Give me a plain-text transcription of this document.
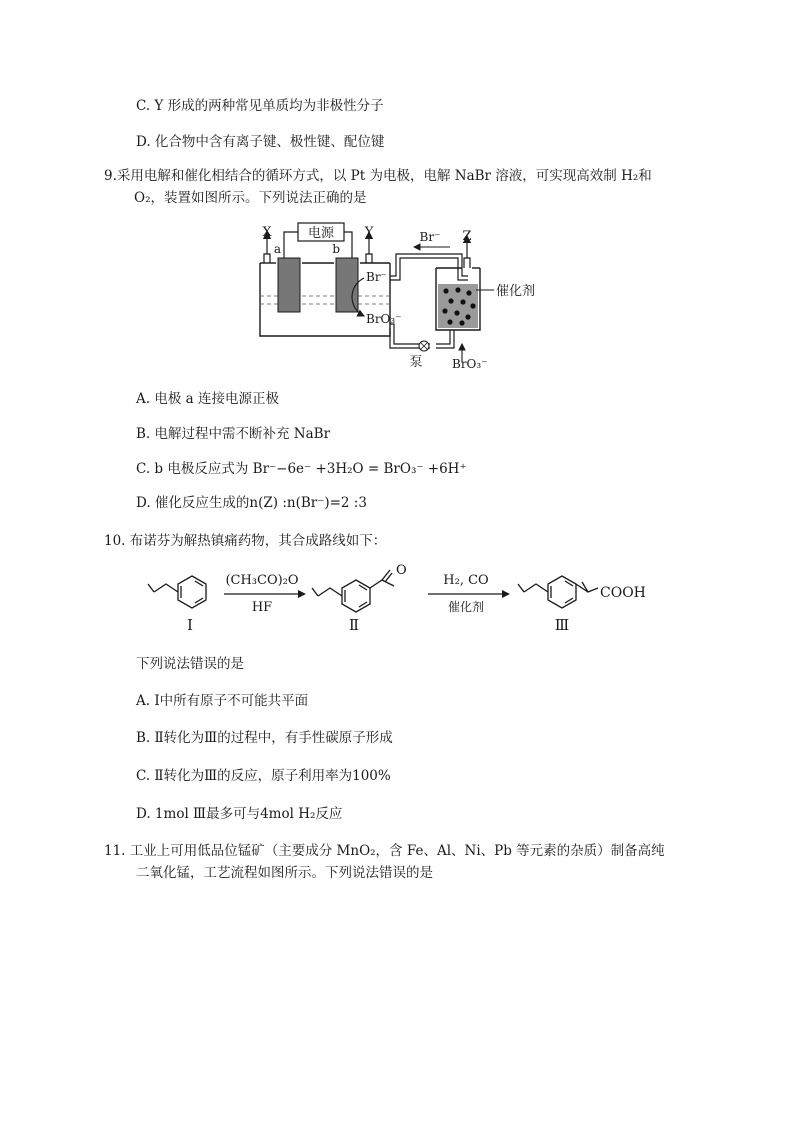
C. Y 形成的两种常见单质均为非极性分子
D. 化合物中含有离子键、极性键、配位键
9.采用电解和催化相结合的循环方式，以 Pt 为电极，电解 NaBr 溶液，可实现高效制 H₂和
O₂，装置如图所示。下列说法正确的是
电源
a	b
X	Y
Br⁻
BrO₃⁻
Br⁻ Z
催化剂
泵 BrO₃⁻
A. 电极 a 连接电源正极
B. 电解过程中需不断补充 NaBr
C. b 电极反应式为 Br⁻−6e⁻ +3H₂O = BrO₃⁻ +6H⁺
D. 催化反应生成的n(Z) :n(Br⁻)=2 :3
10. 布诺芬为解热镇痛药物，其合成路线如下：
Ⅰ
(CH₃CO)₂O
HF
O
Ⅱ
H₂, CO
催化剂
COOH
Ⅲ
下列说法错误的是
A. Ⅰ中所有原子不可能共平面
B. Ⅱ转化为Ⅲ的过程中，有手性碳原子形成
C. Ⅱ转化为Ⅲ的反应，原子利用率为100%
D. 1mol Ⅲ最多可与4mol H₂反应
11. 工业上可用低品位锰矿（主要成分 MnO₂，含 Fe、Al、Ni、Pb 等元素的杂质）制备高纯
二氧化锰，工艺流程如图所示。下列说法错误的是
